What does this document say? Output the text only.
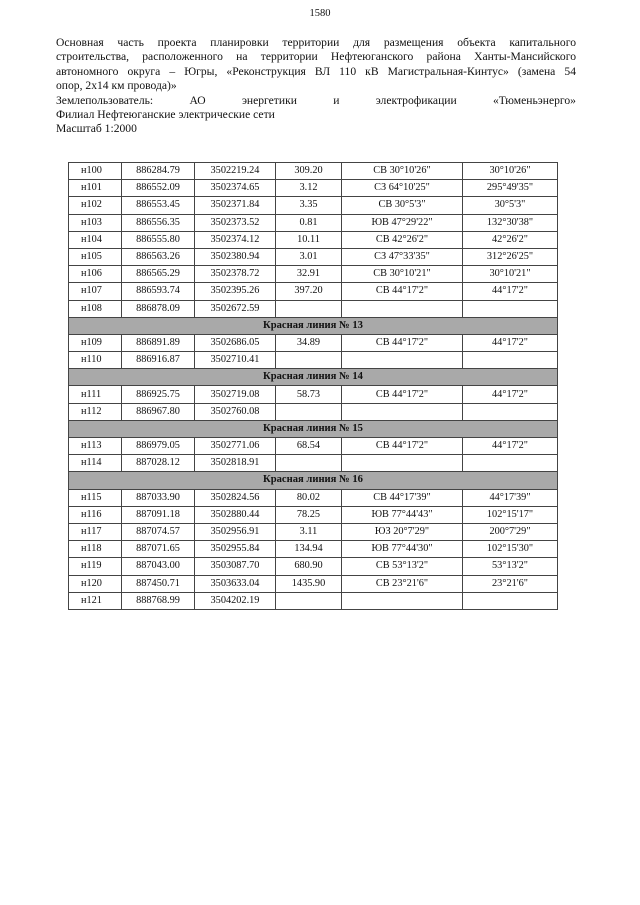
1580

Основная часть проекта планировки территории для размещения объекта капитального

строительства, расположенного на территории Нефтеюганского района Ханты-Мансийского

автономного округа – Югры, «Реконструкция ВЛ 110 кВ Магистральная-Кинтус» (замена 54

опор, 2х14 км провода)»

Землепользователь:	АО	энергетики	и	электрофикации	«Тюменьэнерго»

Филиал Нефтеюганские электрические сети

Масштаб 1:2000

н100	886284.79	3502219.24	309.20	СВ 30°10'26"	30°10'26"
н101	886552.09	3502374.65	3.12	СЗ 64°10'25"	295°49'35"
н102	886553.45	3502371.84	3.35	СВ 30°5'3"	30°5'3"
н103	886556.35	3502373.52	0.81	ЮВ 47°29'22"	132°30'38"
н104	886555.80	3502374.12	10.11	СВ 42°26'2"	42°26'2"
н105	886563.26	3502380.94	3.01	СЗ 47°33'35"	312°26'25"
н106	886565.29	3502378.72	32.91	СВ 30°10'21"	30°10'21"
н107	886593.74	3502395.26	397.20	СВ 44°17'2"	44°17'2"
н108	886878.09	3502672.59			
Красная линия № 13					
н109	886891.89	3502686.05	34.89	СВ 44°17'2"	44°17'2"
н110	886916.87	3502710.41			
Красная линия № 14					
н111	886925.75	3502719.08	58.73	СВ 44°17'2"	44°17'2"
н112	886967.80	3502760.08			
Красная линия № 15					
н113	886979.05	3502771.06	68.54	СВ 44°17'2"	44°17'2"
н114	887028.12	3502818.91			
Красная линия № 16					
н115	887033.90	3502824.56	80.02	СВ 44°17'39"	44°17'39"
н116	887091.18	3502880.44	78.25	ЮВ 77°44'43"	102°15'17"
н117	887074.57	3502956.91	3.11	ЮЗ 20°7'29"	200°7'29"
н118	887071.65	3502955.84	134.94	ЮВ 77°44'30"	102°15'30"
н119	887043.00	3503087.70	680.90	СВ 53°13'2"	53°13'2"
н120	887450.71	3503633.04	1435.90	СВ 23°21'6"	23°21'6"
н121	888768.99	3504202.19			
